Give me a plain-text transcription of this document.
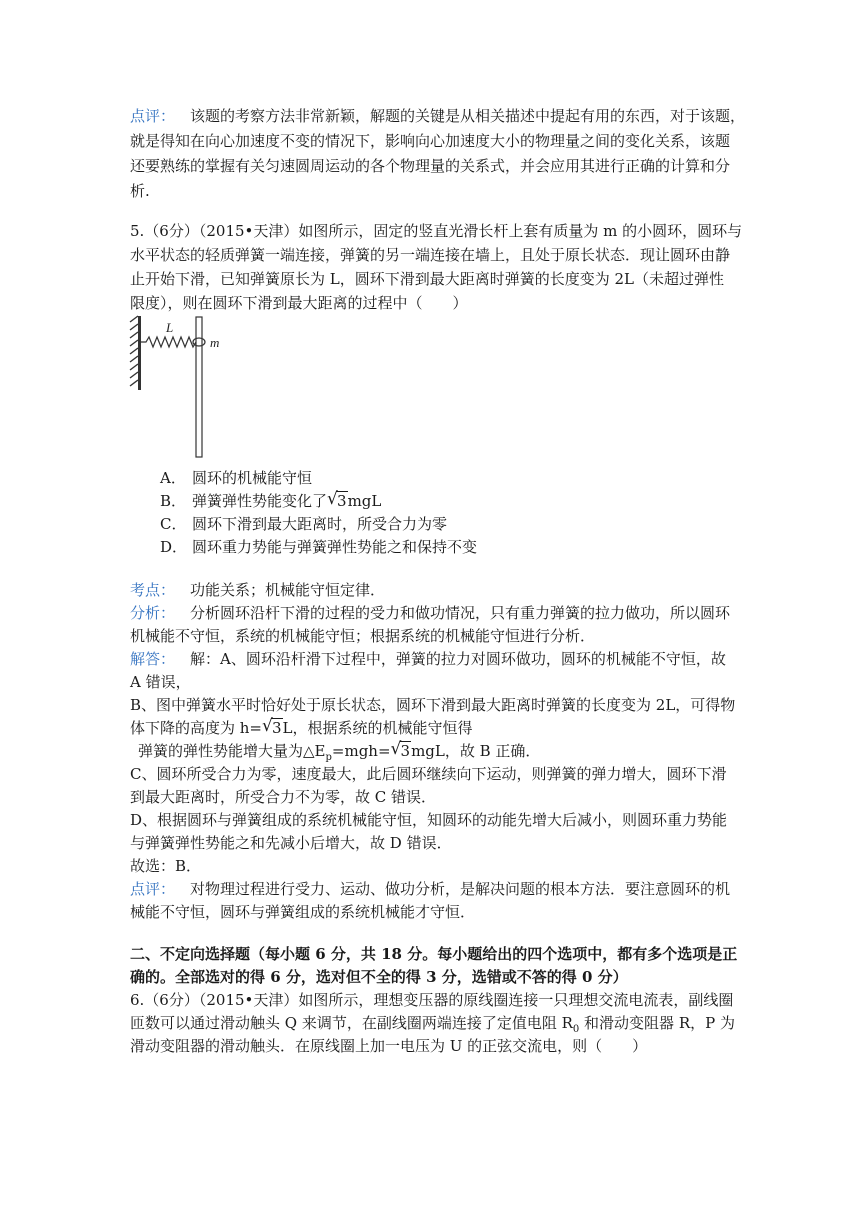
点评： 该题的考察方法非常新颖，解题的关键是从相关描述中提起有用的东西，对于该题，
就是得知在向心加速度不变的情况下，影响向心加速度大小的物理量之间的变化关系，该题
还要熟练的掌握有关匀速圆周运动的各个物理量的关系式，并会应用其进行正确的计算和分
析.
5.（6分）（2015•天津）如图所示，固定的竖直光滑长杆上套有质量为 m 的小圆环，圆环与
水平状态的轻质弹簧一端连接，弹簧的另一端连接在墙上，且处于原长状态．现让圆环由静
止开始下滑，已知弹簧原长为 L，圆环下滑到最大距离时弹簧的长度变为 2L（未超过弹性
限度），则在圆环下滑到最大距离的过程中（　　）
L
m
A． 圆环的机械能守恒
B． 弹簧弹性势能变化了√ 3mgL
C． 圆环下滑到最大距离时，所受合力为零
D． 圆环重力势能与弹簧弹性势能之和保持不变
考点： 功能关系；机械能守恒定律．
分析： 分析圆环沿杆下滑的过程的受力和做功情况，只有重力弹簧的拉力做功，所以圆环
机械能不守恒，系统的机械能守恒；根据系统的机械能守恒进行分析．
解答： 解：A、圆环沿杆滑下过程中，弹簧的拉力对圆环做功，圆环的机械能不守恒，故
A 错误，
B、图中弹簧水平时恰好处于原长状态，圆环下滑到最大距离时弹簧的长度变为 2L，可得物
体下降的高度为 h=√ 3L，根据系统的机械能守恒得
弹簧的弹性势能增大量为$\triangle E_p=mgh=√$ 3mgL，故 B 正确．
C、圆环所受合力为零，速度最大，此后圆环继续向下运动，则弹簧的弹力增大，圆环下滑
到最大距离时，所受合力不为零，故 C 错误．
D、根据圆环与弹簧组成的系统机械能守恒，知圆环的动能先增大后减小，则圆环重力势能
与弹簧弹性势能之和先减小后增大，故 D 错误．
故选：B．
点评： 对物理过程进行受力、运动、做功分析，是解决问题的根本方法．要注意圆环的机
械能不守恒，圆环与弹簧组成的系统机械能才守恒．
二、不定向选择题（每小题 6 分，共 18 分。每小题给出的四个选项中，都有多个选项是正
确的。全部选对的得 6 分，选对但不全的得 3 分，选错或不答的得 0 分）
6.（6分）（2015•天津）如图所示，理想变压器的原线圈连接一只理想交流电流表，副线圈
匝数可以通过滑动触头 Q 来调节，在副线圈两端连接了定值电阻 $R_0$ 和滑动变阻器 R，P 为
滑动变阻器的滑动触头．在原线圈上加一电压为 U 的正弦交流电，则（　　）
